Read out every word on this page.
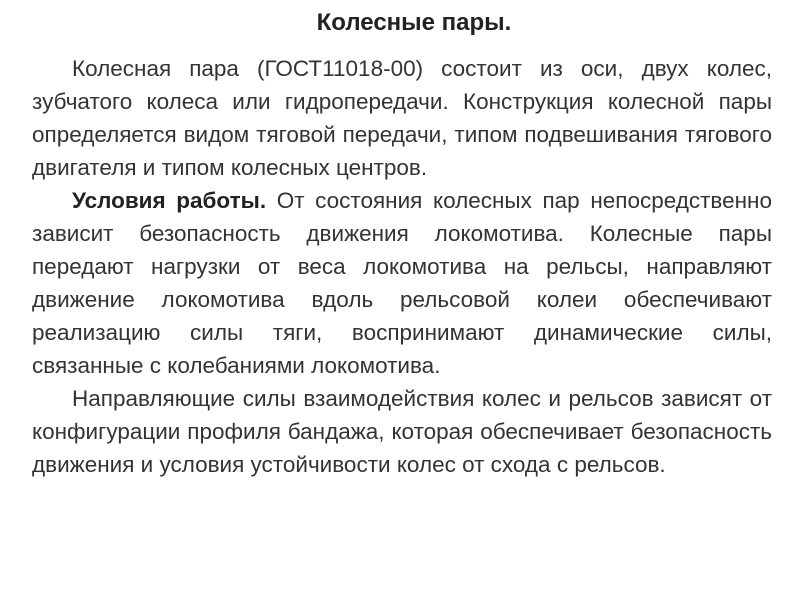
Колесные пары.

Колесная пара (ГОСТ11018-00) состоит из оси, двух колес, зубчатого колеса или гидропередачи. Конструкция колесной пары определяется видом тяговой передачи, типом подвешивания тягового двигателя и типом колесных центров.

Условия работы. От состояния колесных пар непосредственно зависит безопасность движения локомотива. Колесные пары передают нагрузки от веса локомотива на рельсы, направляют движение локомотива вдоль рельсовой колеи обеспечивают реализацию силы тяги, воспринимают динамические силы, связанные с колебаниями локомотива.

Направляющие силы взаимодействия колес и рельсов зависят от конфигурации профиля бандажа, которая обеспечивает безопасность движения и условия устойчивости колес от схода с рельсов.
